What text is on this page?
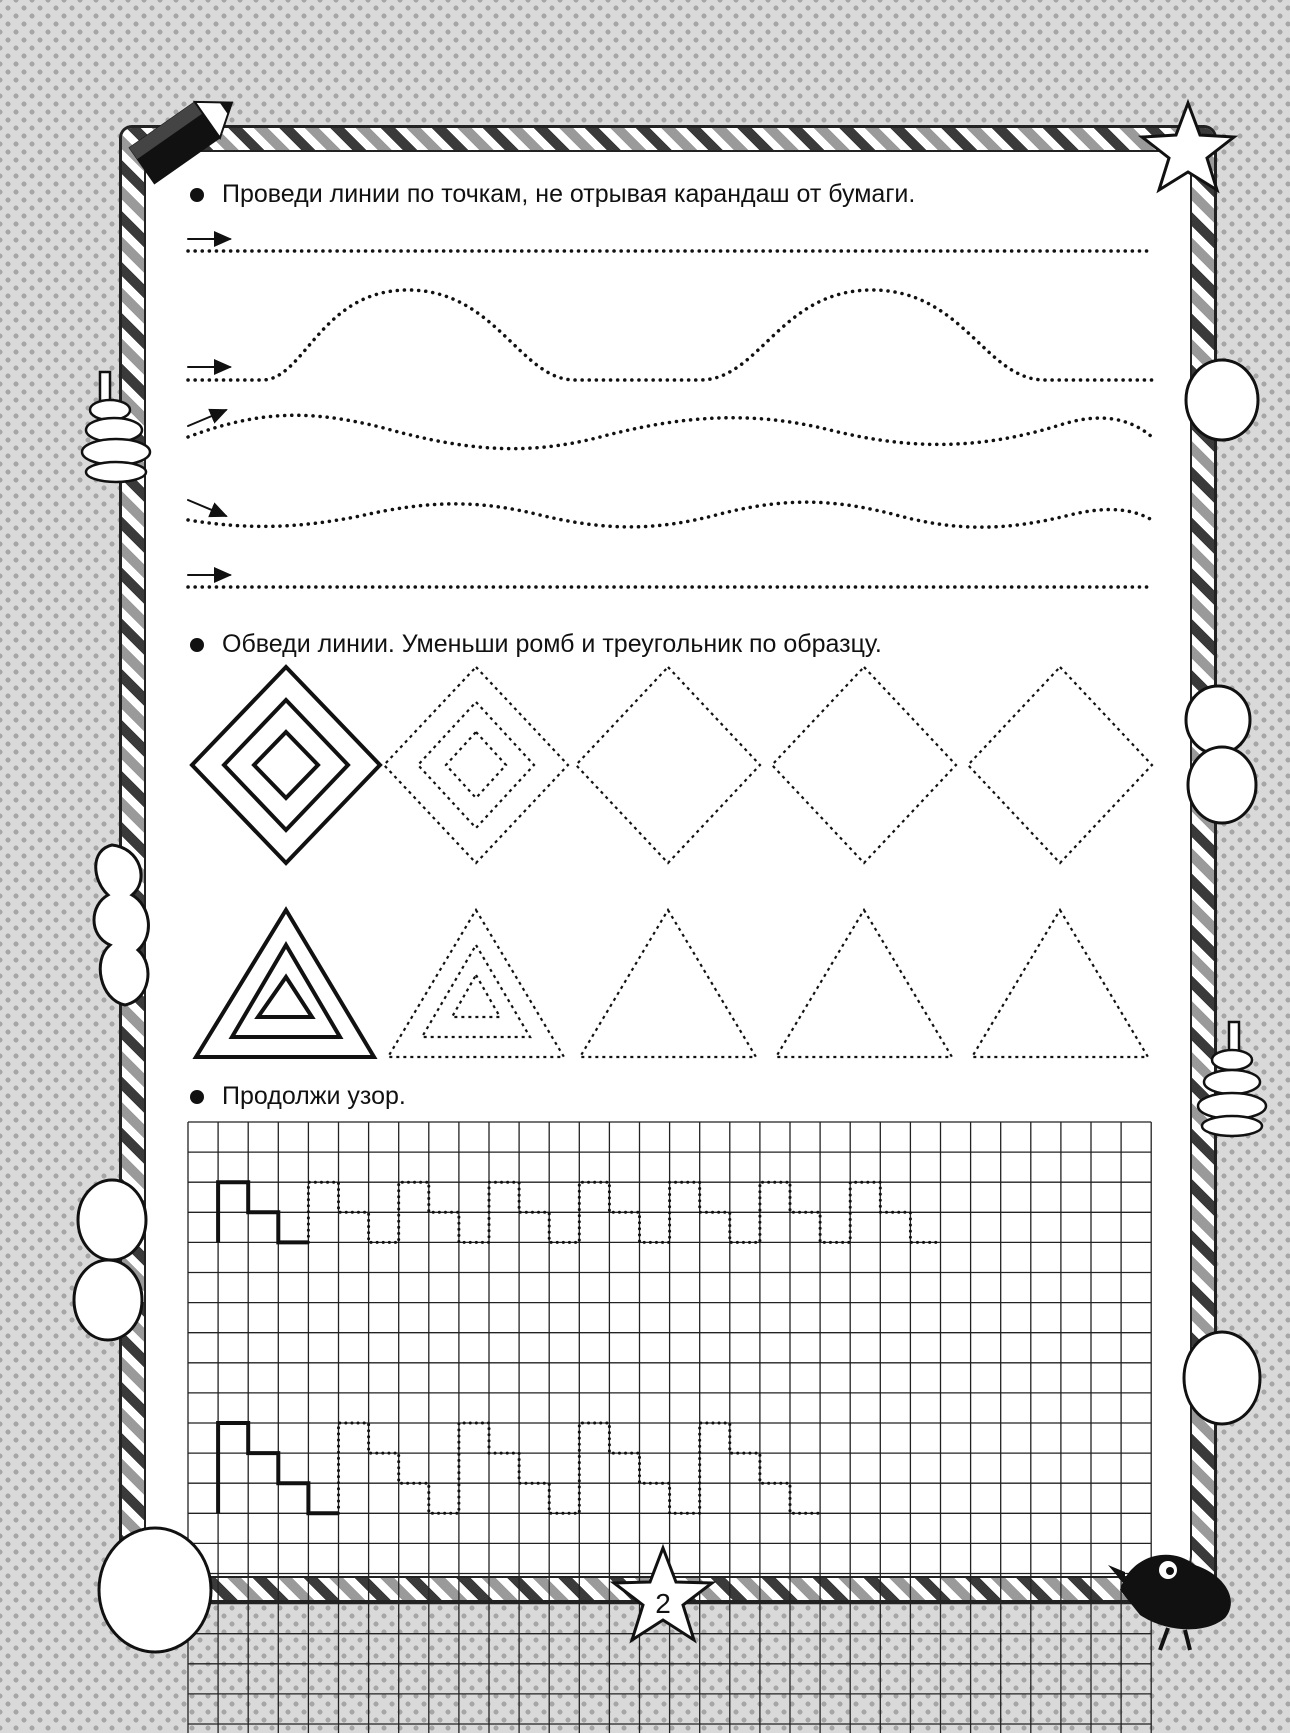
Проведи линии по точкам, не отрывая карандаш от бумаги.
Обведи линии. Уменьши ромб и треугольник по образцу.
Продолжи узор.
2
